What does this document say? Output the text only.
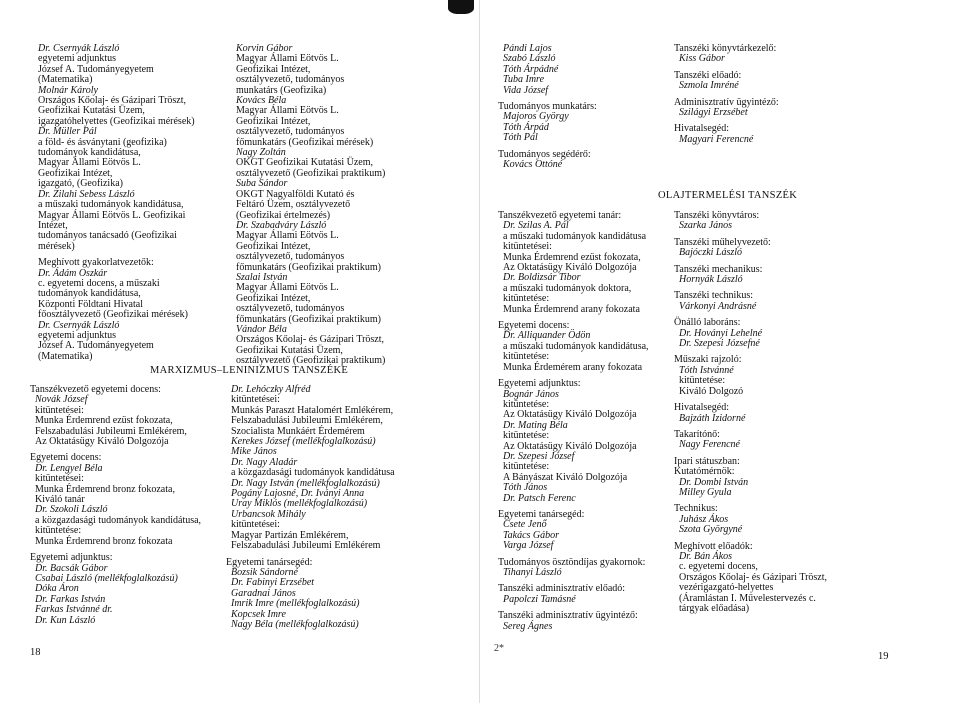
Dr. Csernyák László
egyetemi adjunktus
József A. Tudományegyetem
(Matematika)
Molnár Károly
Országos Kőolaj- és Gázipari Tröszt,
Geofizikai Kutatási Üzem,
igazgatóhelyettes (Geofizikai mérések)
Dr. Müller Pál
a föld- és ásványtani (geofizika)
tudományok kandidátusa,
Magyar Állami Eötvös L.
Geofizikai Intézet,
igazgató, (Geofizika)
Dr. Zilahi Sebess László
a műszaki tudományok kandidátusa,
Magyar Állami Eötvös L. Geofizikai
Intézet,
tudományos tanácsadó (Geofizikai
mérések)
Meghívott gyakorlatvezetők:
Dr. Ádám Oszkár
c. egyetemi docens, a műszaki
tudományok kandidátusa,
Központi Földtani Hivatal
főosztályvezető (Geofizikai mérések)
Dr. Csernyák László
egyetemi adjunktus
József A. Tudományegyetem
(Matematika)
Korvin Gábor
Magyar Állami Eötvös L.
Geofizikai Intézet,
osztályvezető, tudományos
munkatárs (Geofizika)
Kovács Béla
Magyar Állami Eötvös L.
Geofizikai Intézet,
osztályvezető, tudományos
főmunkatárs (Geofizikai mérések)
Nagy Zoltán
OKGT Geofizikai Kutatási Üzem,
osztályvezető (Geofizikai praktikum)
Suba Sándor
OKGT Nagyalföldi Kutató és
Feltáró Üzem, osztályvezető
(Geofizikai értelmezés)
Dr. Szabadváry László
Magyar Állami Eötvös L.
Geofizikai Intézet,
osztályvezető, tudományos
főmunkatárs (Geofizikai praktikum)
Szalai István
Magyar Állami Eötvös L.
Geofizikai Intézet,
osztályvezető, tudományos
főmunkatárs (Geofizikai praktikum)
Vándor Béla
Országos Kőolaj- és Gázipari Tröszt,
Geofizikai Kutatási Üzem,
osztályvezető (Geofizikai praktikum)
MARXIZMUS–LENINIZMUS TANSZÉKE
Tanszékvezető egyetemi docens:
Novák József
kitüntetései:
Munka Érdemrend ezüst fokozata,
Felszabadulási Jubileumi Emlékérem,
Az Oktatásügy Kiváló Dolgozója
Egyetemi docens:
Dr. Lengyel Béla
kitüntetései:
Munka Érdemrend bronz fokozata,
Kiváló tanár
Dr. Szokoli László
a közgazdasági tudományok kandidátusa,
kitüntetése:
Munka Érdemrend bronz fokozata
Egyetemi adjunktus:
Dr. Bacsák Gábor
Csabai László (mellékfoglalkozású)
Dóka Áron
Dr. Farkas István
Farkas Istvánné dr.
Dr. Kun László
Dr. Lehóczky Alfréd
kitüntetései:
Munkás Paraszt Hatalomért Emlékérem,
Felszabadulási Jubileumi Emlékérem,
Szocialista Munkáért Érdemérem
Kerekes József (mellékfoglalkozású)
Mike János
Dr. Nagy Aladár
a közgazdasági tudományok kandidátusa
Dr. Nagy István (mellékfoglalkozású)
Pogány Lajosné, Dr. Iványi Anna
Uray Miklós (mellékfoglalkozású)
Urbancsok Mihály
kitüntetései:
Magyar Partizán Emlékérem,
Felszabadulási Jubileumi Emlékérem
Egyetemi tanársegéd:
Bozsik Sándorné
Dr. Fabinyi Erzsébet
Garadnai János
Imrik Imre (mellékfoglalkozású)
Kopcsek Imre
Nagy Béla (mellékfoglalkozású)
18
Pándi Lajos
Szabó László
Tóth Árpádné
Tuba Imre
Vida József
Tudományos munkatárs:
Majoros György
Tóth Árpád
Tóth Pál
Tudományos segédérő:
Kovács Ottóné
Tanszéki könyvtárkezelő:
Kiss Gábor
Tanszéki előadó:
Szmola Imréné
Adminisztratív ügyintéző:
Szilágyi Erzsébet
Hivatalsegéd:
Magyari Ferencné
OLAJTERMELÉSI TANSZÉK
Tanszékvezető egyetemi tanár:
Dr. Szilas A. Pál
a műszaki tudományok kandidátusa
kitüntetései:
Munka Érdemrend ezüst fokozata,
Az Oktatásügy Kiváló Dolgozója
Dr. Boldizsár Tibor
a műszaki tudományok doktora,
kitüntetése:
Munka Érdemrend arany fokozata
Egyetemi docens:
Dr. Alliquander Ödön
a műszaki tudományok kandidátusa,
kitüntetése:
Munka Érdemérem arany fokozata
Egyetemi adjunktus:
Bognár János
kitüntetése:
Az Oktatásügy Kiváló Dolgozója
Dr. Mating Béla
kitüntetése:
Az Oktatásügy Kiváló Dolgozója
Dr. Szepesi József
kitüntetése:
A Bányászat Kiváló Dolgozója
Tóth János
Dr. Patsch Ferenc
Egyetemi tanársegéd:
Csete Jenő
Takács Gábor
Varga József
Tudományos ösztöndíjas gyakornok:
Tihanyi László
Tanszéki adminisztratív előadó:
Papolczi Tamásné
Tanszéki adminisztratív ügyintéző:
Sereg Ágnes
Tanszéki könyvtáros:
Szarka János
Tanszéki műhelyvezető:
Bajóczki László
Tanszéki mechanikus:
Hornyák László
Tanszéki technikus:
Várkonyi Andrásné
Önálló laboráns:
Dr. Hoványi Lehelné
Dr. Szepesi Józsefné
Műszaki rajzoló:
Tóth Istvánné
kitüntetése:
Kiváló Dolgozó
Hivatalsegéd:
Bajzáth Izidorné
Takarítónő:
Nagy Ferencné
Ipari státuszban:
Kutatómérnök:
Dr. Dombi István
Milley Gyula
Technikus:
Juhász Ákos
Szota Györgyné
Meghívott előadók:
Dr. Bán Ákos
c. egyetemi docens,
Országos Kőolaj- és Gázipari Tröszt,
vezérigazgató-helyettes
(Áramlástan I. Művelestervezés c.
tárgyak előadása)
2*
19
